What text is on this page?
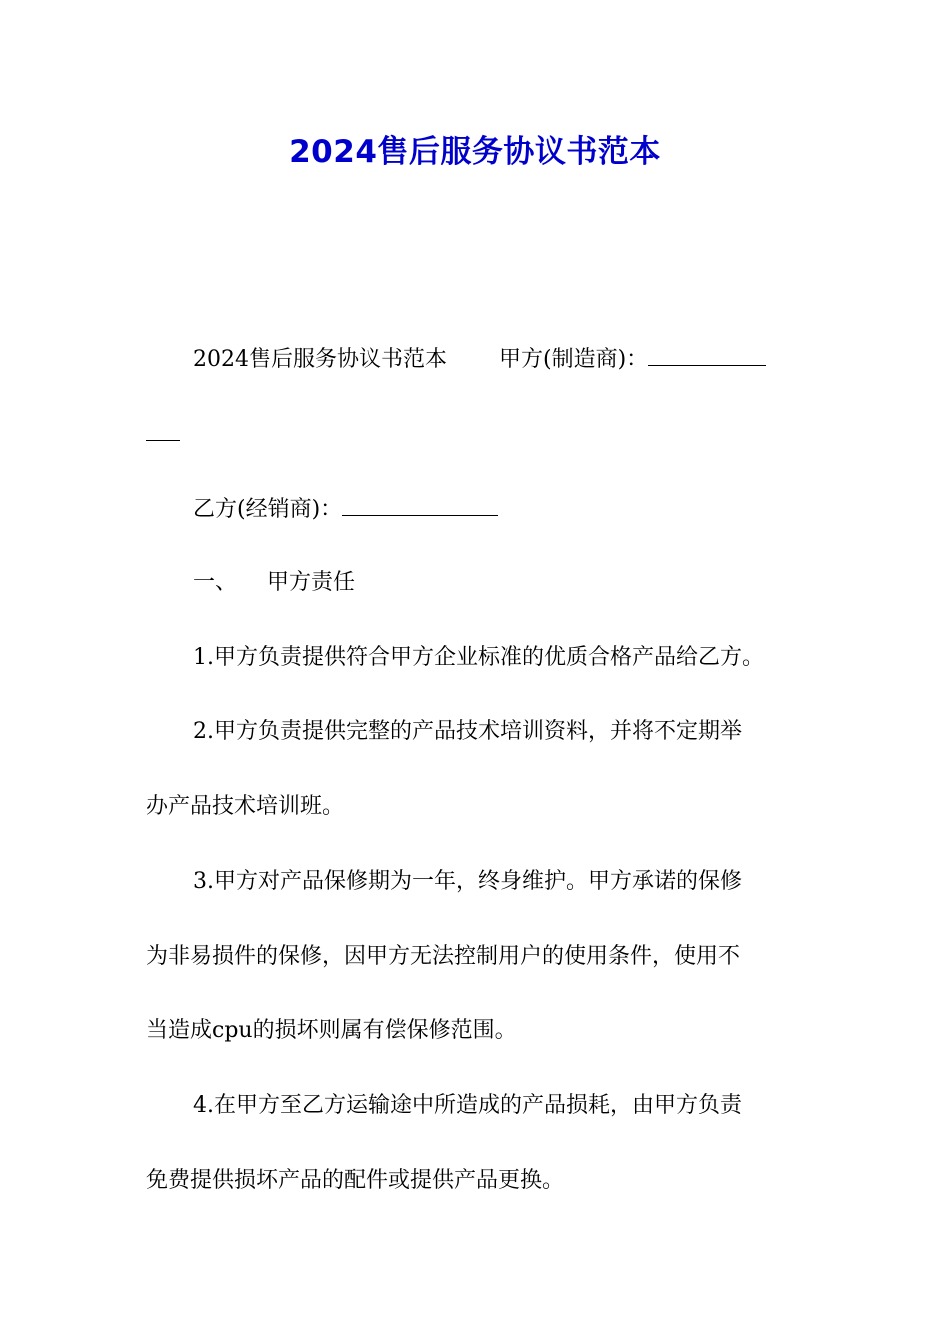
2024售后服务协议书范本
2024售后服务协议书范本 甲方(制造商)：
乙方(经销商)：
一、 甲方责任
1.甲方负责提供符合甲方企业标准的优质合格产品给乙方。
2.甲方负责提供完整的产品技术培训资料，并将不定期举
办产品技术培训班。
3.甲方对产品保修期为一年，终身维护。甲方承诺的保修
为非易损件的保修，因甲方无法控制用户的使用条件，使用不
当造成cpu的损坏则属有偿保修范围。
4.在甲方至乙方运输途中所造成的产品损耗，由甲方负责
免费提供损坏产品的配件或提供产品更换。
